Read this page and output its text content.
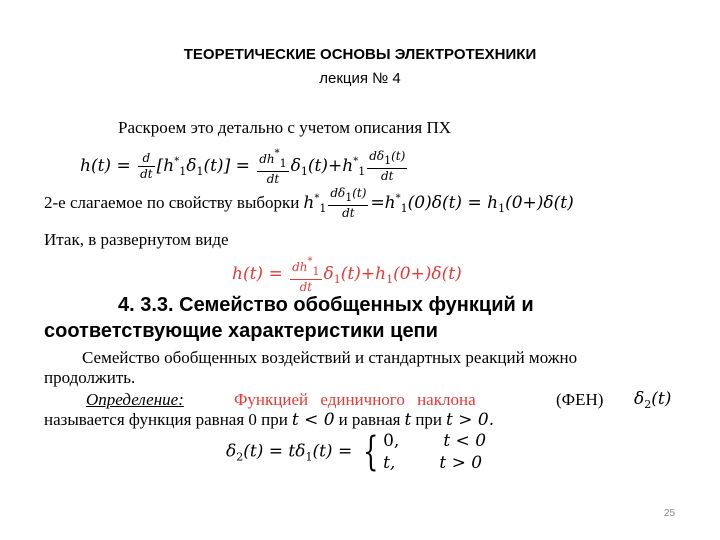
ТЕОРЕТИЧЕСКИЕ ОСНОВЫ ЭЛЕКТРОТЕХНИКИ
лекция № 4
Раскроем это детально с учетом описания ПХ
$h(t) = \frac{d}{dt} [h^*_1\delta_1(t)] = \frac{dh^*1}{dt} \delta_1(t)+h^*_1 \frac{d\delta 1(t)}{dt}$
2-е слагаемое по свойству выборки $h^*_1 \frac{d\delta 1(t)}{dt} =h^*_1(0)\delta(t) = h_1(0+)\delta(t)$
Итак, в развернутом виде
$h(t) = \frac{dh^*1}{dt} \delta_1(t)+h_1(0+)\delta(t)$
4. 3.3. Семейство обобщенных функций и
соответствующие характеристики цепи
Семейство обобщенных воздействий и стандартных реакций можно
продолжить.
Определение:	Функцией единичного наклона	(ФЕН) $\delta_2(t)$
называется функция равная 0 при t < 0 и равная t при t > 0.
$\delta_2(t) = t\delta_1(t)$ = { 0,	t < 0
t,	t > 0
25
